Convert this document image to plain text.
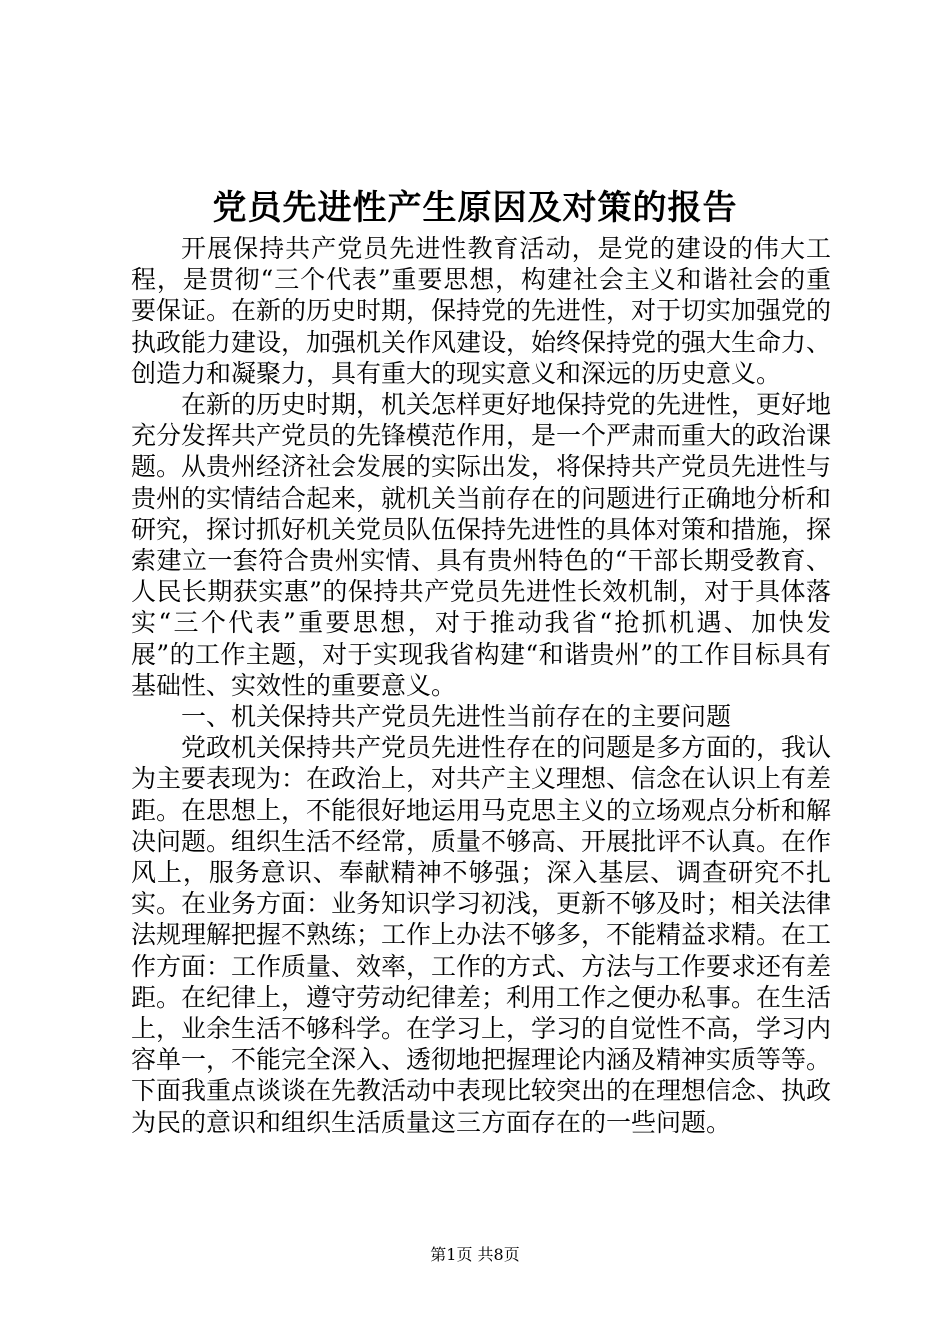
党员先进性产生原因及对策的报告

开展保持共产党员先进性教育活动，是党的建设的伟大工程，是贯彻“三个代表”重要思想，构建社会主义和谐社会的重要保证。在新的历史时期，保持党的先进性，对于切实加强党的执政能力建设，加强机关作风建设，始终保持党的强大生命力、创造力和凝聚力，具有重大的现实意义和深远的历史意义。

在新的历史时期，机关怎样更好地保持党的先进性，更好地充分发挥共产党员的先锋模范作用，是一个严肃而重大的政治课题。从贵州经济社会发展的实际出发，将保持共产党员先进性与贵州的实情结合起来，就机关当前存在的问题进行正确地分析和研究，探讨抓好机关党员队伍保持先进性的具体对策和措施，探索建立一套符合贵州实情、具有贵州特色的“干部长期受教育、人民长期获实惠”的保持共产党员先进性长效机制，对于具体落实“三个代表”重要思想，对于推动我省“抢抓机遇、加快发展”的工作主题，对于实现我省构建“和谐贵州”的工作目标具有基础性、实效性的重要意义。

一、机关保持共产党员先进性当前存在的主要问题

党政机关保持共产党员先进性存在的问题是多方面的，我认为主要表现为：在政治上，对共产主义理想、信念在认识上有差距。在思想上，不能很好地运用马克思主义的立场观点分析和解决问题。组织生活不经常，质量不够高、开展批评不认真。在作风上，服务意识、奉献精神不够强；深入基层、调查研究不扎实。在业务方面：业务知识学习初浅，更新不够及时；相关法律法规理解把握不熟练；工作上办法不够多，不能精益求精。在工作方面：工作质量、效率，工作的方式、方法与工作要求还有差距。在纪律上，遵守劳动纪律差；利用工作之便办私事。在生活上，业余生活不够科学。在学习上，学习的自觉性不高，学习内容单一，不能完全深入、透彻地把握理论内涵及精神实质等等。下面我重点谈谈在先教活动中表现比较突出的在理想信念、执政为民的意识和组织生活质量这三方面存在的一些问题。

第1页 共8页
